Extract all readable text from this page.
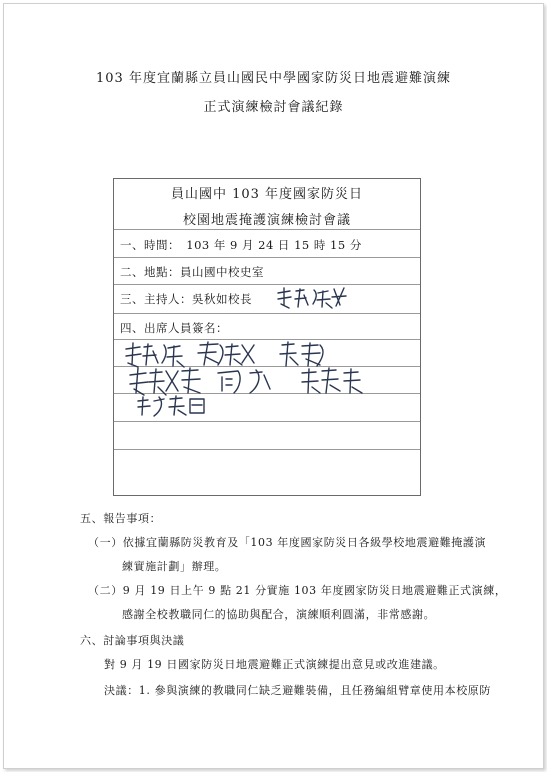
103 年度宜蘭縣立員山國民中學國家防災日地震避難演練
正式演練檢討會議紀錄
員山國中 103 年度國家防災日
校園地震掩護演練檢討會議
一、時間：　103 年 9 月 24 日 15 時 15 分
二、地點：員山國中校史室
三、主持人：吳秋如校長
四、出席人員簽名：
五、報告事項：
（一）依據宜蘭縣防災教育及「103 年度國家防災日各級學校地震避難掩護演
練實施計劃」辦理。
（二）9 月 19 日上午 9 點 21 分實施 103 年度國家防災日地震避難正式演練，
感謝全校教職同仁的協助與配合，演練順利圓滿，非常感謝。
六、討論事項與決議
對 9 月 19 日國家防災日地震避難正式演練提出意見或改進建議。
決議：1. 參與演練的教職同仁缺乏避難裝備，且任務編組臂章使用本校原防
